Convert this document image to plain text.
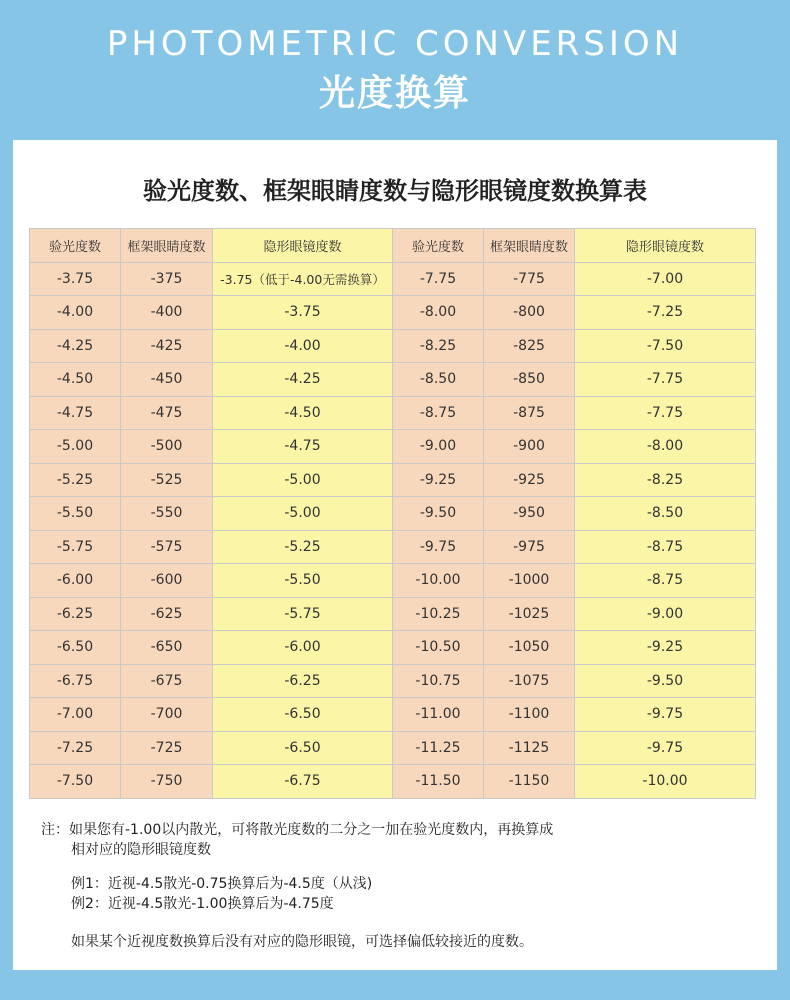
PHOTOMETRIC CONVERSION
光度换算
验光度数、框架眼睛度数与隐形眼镜度数换算表
验光度数	框架眼睛度数	隐形眼镜度数	验光度数	框架眼睛度数	隐形眼镜度数
-3.75	-375	-3.75（低于-4.00无需换算）	-7.75	-775	-7.00
-4.00	-400	-3.75	-8.00	-800	-7.25
-4.25	-425	-4.00	-8.25	-825	-7.50
-4.50	-450	-4.25	-8.50	-850	-7.75
-4.75	-475	-4.50	-8.75	-875	-7.75
-5.00	-500	-4.75	-9.00	-900	-8.00
-5.25	-525	-5.00	-9.25	-925	-8.25
-5.50	-550	-5.00	-9.50	-950	-8.50
-5.75	-575	-5.25	-9.75	-975	-8.75
-6.00	-600	-5.50	-10.00	-1000	-8.75
-6.25	-625	-5.75	-10.25	-1025	-9.00
-6.50	-650	-6.00	-10.50	-1050	-9.25
-6.75	-675	-6.25	-10.75	-1075	-9.50
-7.00	-700	-6.50	-11.00	-1100	-9.75
-7.25	-725	-6.50	-11.25	-1125	-9.75
-7.50	-750	-6.75	-11.50	-1150	-10.00
注：如果您有-1.00以内散光，可将散光度数的二分之一加在验光度数内，再换算成
相对应的隐形眼镜度数
例1：近视-4.5散光-0.75换算后为-4.5度（从浅)
例2：近视-4.5散光-1.00换算后为-4.75度
如果某个近视度数换算后没有对应的隐形眼镜，可选择偏低较接近的度数。
